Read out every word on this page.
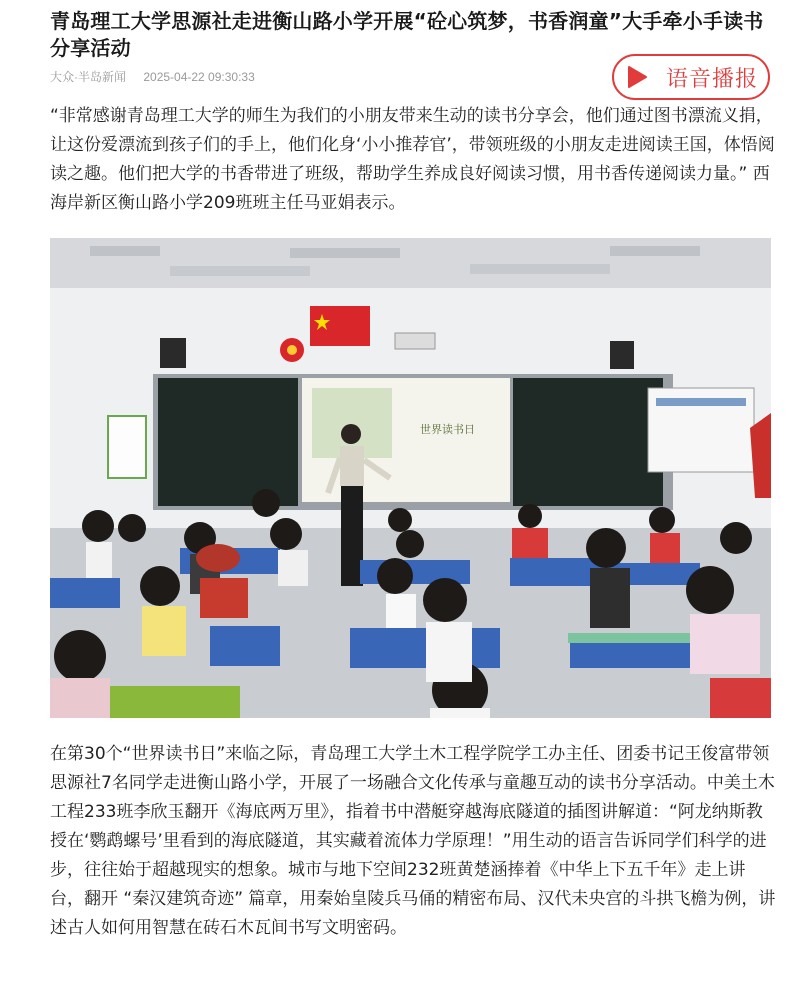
青岛理工大学思源社走进衡山路小学开展“砼心筑梦，书香润童”大手牵小手读书分享活动
大众·半岛新闻 2025-04-22 09:30:33	语音播报

“非常感谢青岛理工大学的师生为我们的小朋友带来生动的读书分享会，他们通过图书漂流义捐，让这份爱漂流到孩子们的手上，他们化身‘小小推荐官’，带领班级的小朋友走进阅读王国，体悟阅读之趣。他们把大学的书香带进了班级，帮助学生养成良好阅读习惯，用书香传递阅读力量。” 西海岸新区衡山路小学209班班主任马亚娟表示。

世界读书日

在第30个“世界读书日”来临之际，青岛理工大学土木工程学院学工办主任、团委书记王俊富带领思源社7名同学走进衡山路小学，开展了一场融合文化传承与童趣互动的读书分享活动。中美土木工程233班李欣玉翻开《海底两万里》，指着书中潜艇穿越海底隧道的插图讲解道：“阿龙纳斯教授在‘鹦鹉螺号’里看到的海底隧道，其实藏着流体力学原理！”用生动的语言告诉同学们科学的进步，往往始于超越现实的想象。城市与地下空间232班黄楚涵捧着《中华上下五千年》走上讲台，翻开 “秦汉建筑奇迹” 篇章，用秦始皇陵兵马俑的精密布局、汉代未央宫的斗拱飞檐为例，讲述古人如何用智慧在砖石木瓦间书写文明密码。
